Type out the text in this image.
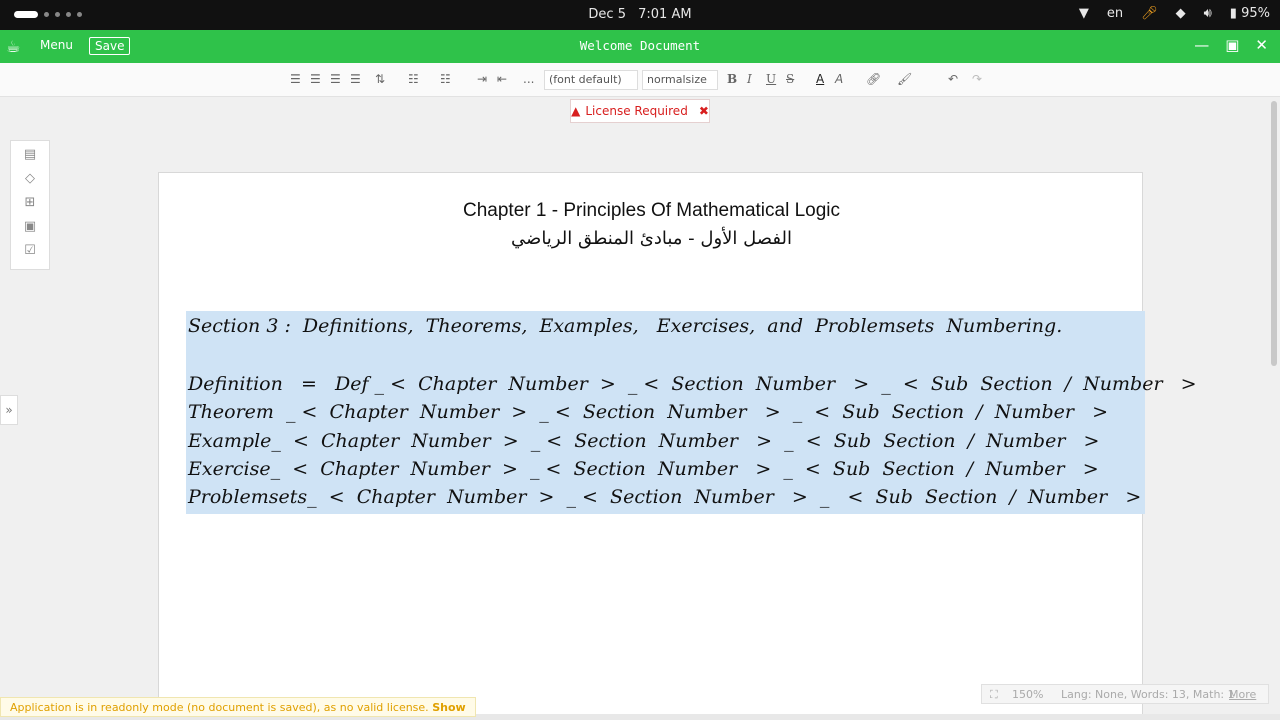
Dec 5 7:01 AM	▼ en 🎤︎ ◆ 🔊︎ ▮ 95%
☕︎ Menu	Save	Welcome Document	— ▣ ✕
☰ ☰ ☰ ☰ ⇅ ☷ ☷ ⇥ ⇤ ...	(font default)	normalsize	B I U S A A 🔗︎ 🖌︎	↶ ↷
▲ License Required ✖
▤
◇
⊞
▣
☑
»
Chapter 1 - Principles Of Mathematical Logic
الفصل الأول - مبادئ المنطق الرياضي
Section 3 :  Definitions,  Theorems,  Examples,   Exercises,  and  Problemsets  Numbering.
Definition   =   Def _ <  Chapter  Number  >  _ <  Section  Number   >  _  <  Sub  Section  /  Number   >
Theorem  _ <  Chapter  Number  >  _ <  Section  Number   >  _  <  Sub  Section  /  Number   >
Example_  <  Chapter  Number  >  _ <  Section  Number   >  _  <  Sub  Section  /  Number   >
Exercise_  <  Chapter  Number  >  _ <  Section  Number   >  _  <  Sub  Section  /  Number   >
Problemsets_  <  Chapter  Number  >  _ <  Section  Number   >  _   <  Sub  Section  /  Number   >
Application is in readonly mode (no document is saved), as no valid license. Show
⛶ 150% Lang: None, Words: 13, Math: 1
More
